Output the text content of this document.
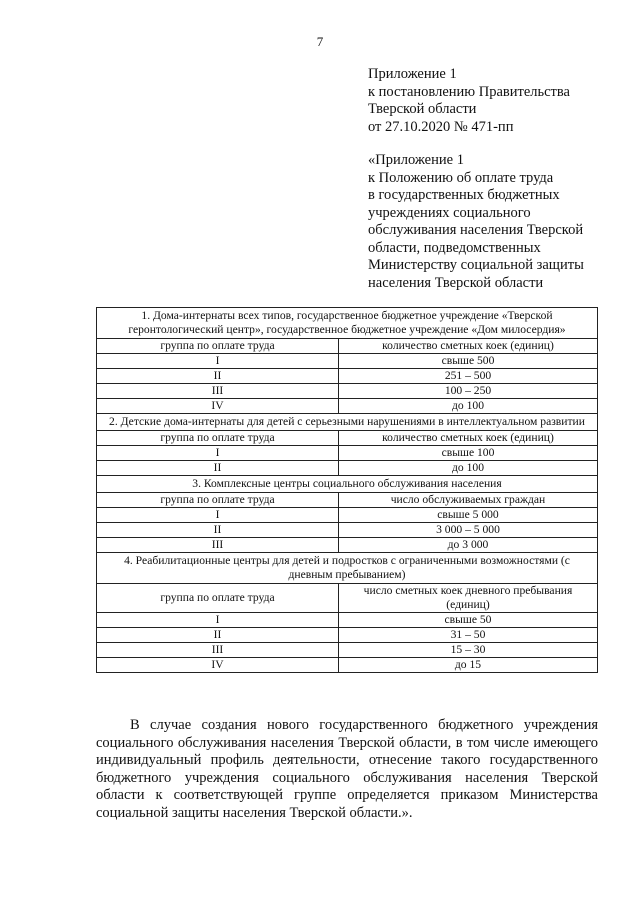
7
Приложение 1
к постановлению Правительства
Тверской области
от 27.10.2020 № 471-пп
«Приложение 1
к Положению об оплате труда
в государственных бюджетных
учреждениях социального
обслуживания населения Тверской
области, подведомственных
Министерству социальной защиты
населения Тверской области
1. Дома-интернаты всех типов, государственное бюджетное учреждение «Тверской геронтологический центр», государственное бюджетное учреждение «Дом милосердия»	
группа по оплате труда	количество сметных коек (единиц)
I	свыше 500
II	251 – 500
III	100 – 250
IV	до 100
2. Детские дома-интернаты для детей с серьезными нарушениями в интеллектуальном развитии	
группа по оплате труда	количество сметных коек (единиц)
I	свыше 100
II	до 100
3. Комплексные центры социального обслуживания населения	
группа по оплате труда	число обслуживаемых граждан
I	свыше 5 000
II	3 000 – 5 000
III	до 3 000
4. Реабилитационные центры для детей и подростков с ограниченными возможностями (с дневным пребыванием)	
группа по оплате труда	число сметных коек дневного пребывания (единиц)
I	свыше 50
II	31 – 50
III	15 – 30
IV	до 15

В случае создания нового государственного бюджетного учреждения социального обслуживания населения Тверской области, в том числе имеющего индивидуальный профиль деятельности, отнесение такого государственного бюджетного учреждения социального обслуживания населения Тверской области к соответствующей группе определяется приказом Министерства социальной защиты населения Тверской области.».
